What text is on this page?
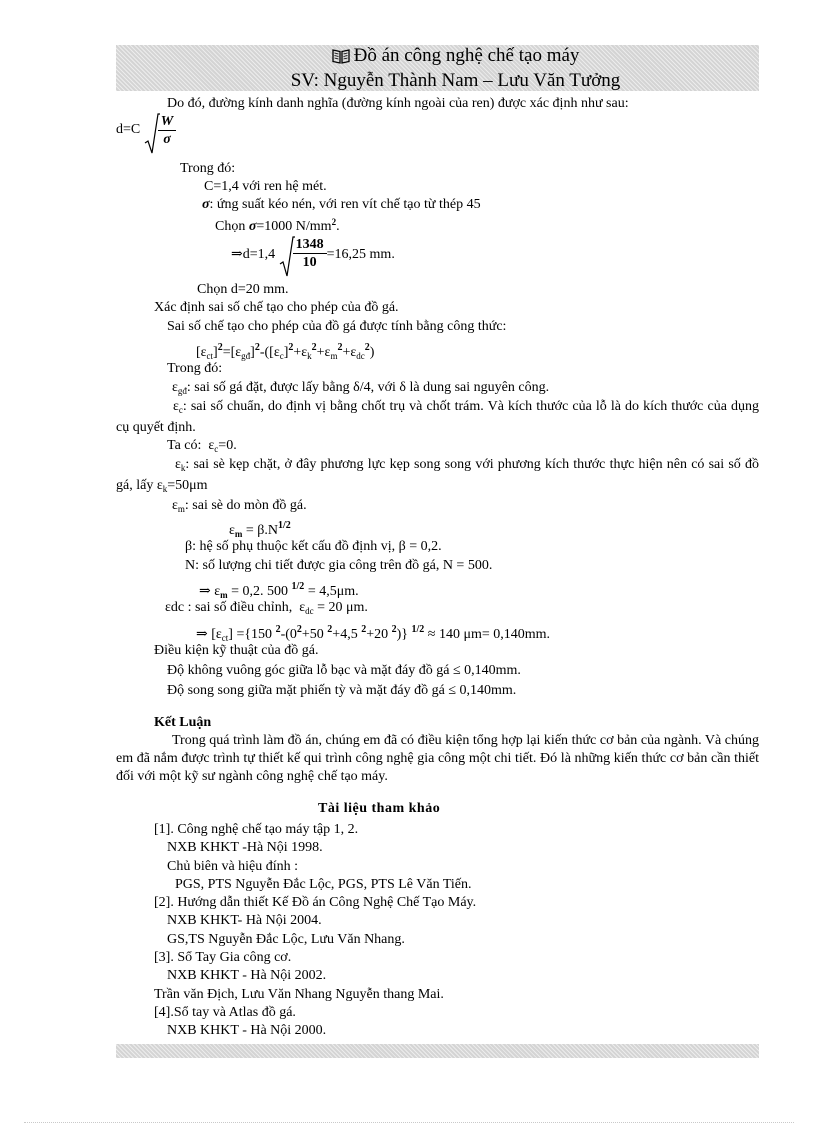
Đồ án công nghệ chế tạo máy
SV: Nguyễn Thành Nam – Lưu Văn Tưởng
Do đó, đường kính danh nghĩa (đường kính ngoài của ren) được xác định như sau:
$d=C \frac{W}{\sigma}$
Trong đó:
C=1,4 với ren hệ mét.
σ: ứng suất kéo nén, với ren vít chế tạo từ thép 45
Chọn σ=1000 $N/mm^2$.
⇒d=1,4 $\frac{1348}{10} =16,25$ mm.
Chọn d=20 mm.
Xác định sai số chế tạo cho phép của đồ gá.
Sai số chế tạo cho phép của đồ gá được tính bằng công thức:
$[\varepsilon_{ct}]^2=[\varepsilon_{gđ}]^2-([\varepsilon_c]^2+\varepsilon_k^2+\varepsilon_m^2+\varepsilon_{dc}^2)$
Trong đó:
$\varepsilon_{gđ}$: sai số gá đặt, được lấy bằng δ/4, với δ là dung sai nguyên công.
$\varepsilon_c$: sai số chuẩn, do định vị bằng chốt trụ và chốt trám. Và kích thước của lỗ là do kích thước của dụng cụ quyết định.
Ta có:  $\varepsilon_c=0$.
$\varepsilon_k$: sai sè kẹp chặt, ở đây phương lực kẹp song song với phương kích thước thực hiện nên có sai số đồ gá, lấy $\varepsilon_k=50\mu m$
$\varepsilon_m$: sai sè do mòn đồ gá.
$\varepsilon_m = \beta.N^{1/2}$
β: hệ số phụ thuộc kết cấu đồ định vị, β = 0,2.
N: số lượng chi tiết được gia công trên đồ gá, N = 500.
⇒ $\varepsilon_m = 0,2$. 500 $^{1/2}$ = 4,5μm.
εdc : sai số điều chỉnh,  $\varepsilon_{dc} = 20$ μm.
⇒ $[\varepsilon_{ct}] =\{150$ $^2-(0^2+50$ $^2$+4,5 $^2$+20 $^2$)} $^{1/2}$ ≈ 140 μm= 0,140mm.
Điều kiện kỹ thuật của đồ gá.
Độ không vuông góc giữa lỗ bạc và mặt đáy đồ gá ≤ 0,140mm.
Độ song song giữa mặt phiến tỳ và mặt đáy đồ gá ≤ 0,140mm.
Kết Luận
Trong quá trình làm đồ án, chúng em đã có điều kiện tổng hợp lại kiến thức cơ bản của ngành. Và chúng em đã nắm được trình tự thiết kế qui trình công nghệ gia công một chi tiết. Đó là những kiến thức cơ bản cần thiết đối với một kỹ sư ngành công nghệ chế tạo máy.
Tài liệu tham khảo
[1]. Công nghệ chế tạo máy tập 1, 2.
NXB KHKT -Hà Nội 1998.
Chủ biên và hiệu đính :
PGS, PTS Nguyễn Đắc Lộc, PGS, PTS Lê Văn Tiến.
[2]. Hướng dẫn thiết Kế Đồ án Công Nghệ Chế Tạo Máy.
NXB KHKT- Hà Nội 2004.
GS,TS Nguyễn Đắc Lộc, Lưu Văn Nhang.
[3]. Sổ Tay Gia công cơ.
NXB KHKT - Hà Nội 2002.
Trần văn Địch, Lưu Văn Nhang Nguyễn thang Mai.
[4].Sổ tay và Atlas đồ gá.
NXB KHKT - Hà Nội 2000.
